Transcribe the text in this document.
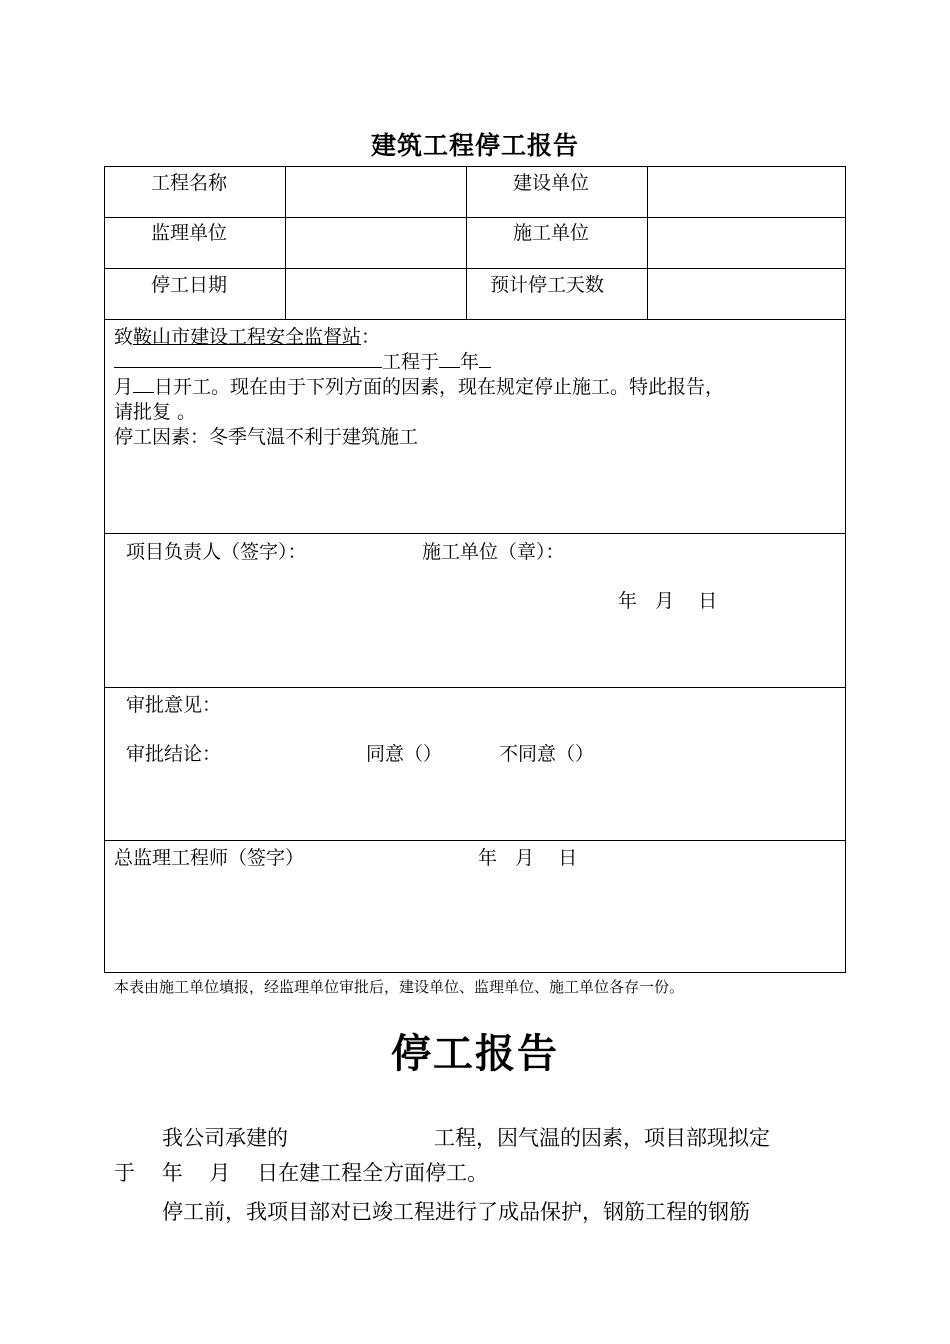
建筑工程停工报告
工程名称	建设单位
监理单位	施工单位
停工日期	预计停工天数
致鞍山市建设工程安全监督站：
工程于 年
月 日开工。现在由于下列方面的因素，现在规定停止施工。特此报告，
请批复 。
停工因素：冬季气温不利于建筑施工
项目负责人（签字）：	施工单位（章）：
年   月    日
审批意见：
审批结论：	同意（）	不同意（）
总监理工程师（签字）	年   月    日
本表由施工单位填报，经监理单位审批后，建设单位、监理单位、施工单位各存一份。
停工报告
我公司承建的	工程，因气温的因素，项目部现拟定
于    年    月    日在建工程全方面停工。
停工前，我项目部对已竣工程进行了成品保护，钢筋工程的钢筋
